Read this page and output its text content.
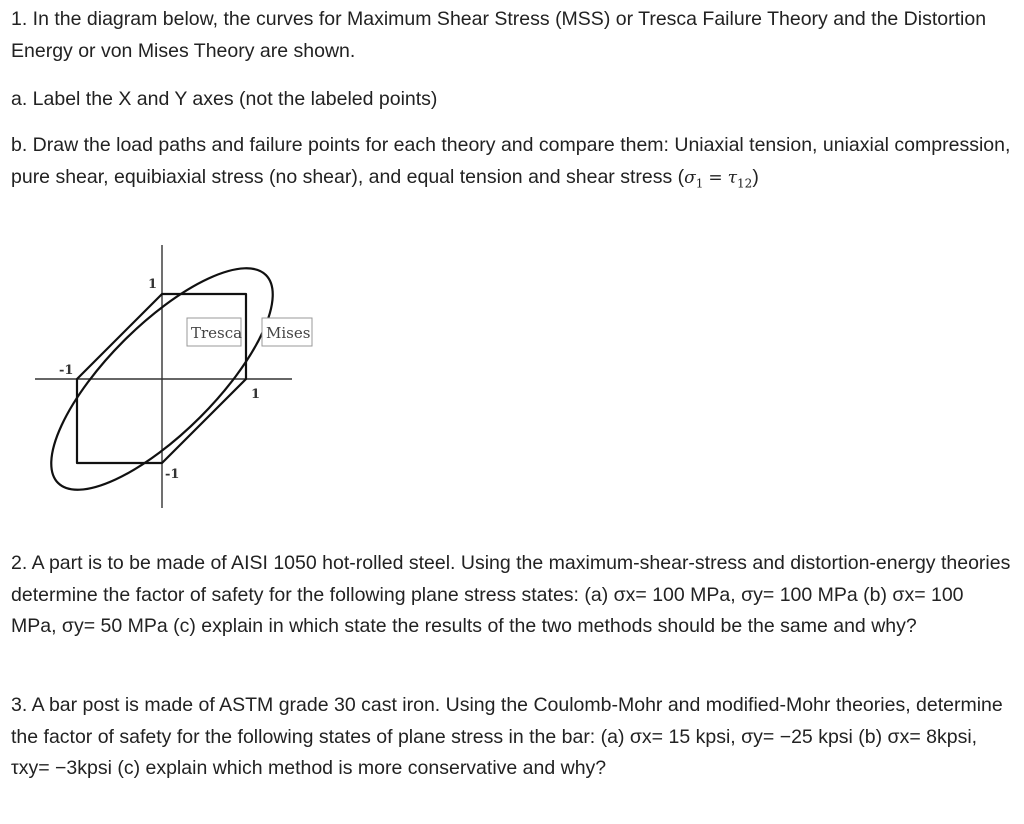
1. In the diagram below, the curves for Maximum Shear Stress (MSS) or Tresca Failure Theory and the Distortion Energy or von Mises Theory are shown.

a. Label the X and Y axes (not the labeled points)

b. Draw the load paths and failure points for each theory and compare them: Uniaxial tension, uniaxial compression, pure shear, equibiaxial stress (no shear), and equal tension and shear stress $(\sigma_1 = \tau_{12})$

Tresca Mises
1
-1
1
-1

2. A part is to be made of AISI 1050 hot-rolled steel. Using the maximum-shear-stress and distortion-energy theories determine the factor of safety for the following plane stress states: (a) σx= 100 MPa, σy= 100 MPa (b) σx= 100 MPa, σy= 50 MPa (c) explain in which state the results of the two methods should be the same and why?

3. A bar post is made of ASTM grade 30 cast iron. Using the Coulomb-Mohr and modified-Mohr theories, determine the factor of safety for the following states of plane stress in the bar: (a) σx= 15 kpsi, σy= −25 kpsi (b) σx= 8kpsi, τxy= −3kpsi (c) explain which method is more conservative and why?
